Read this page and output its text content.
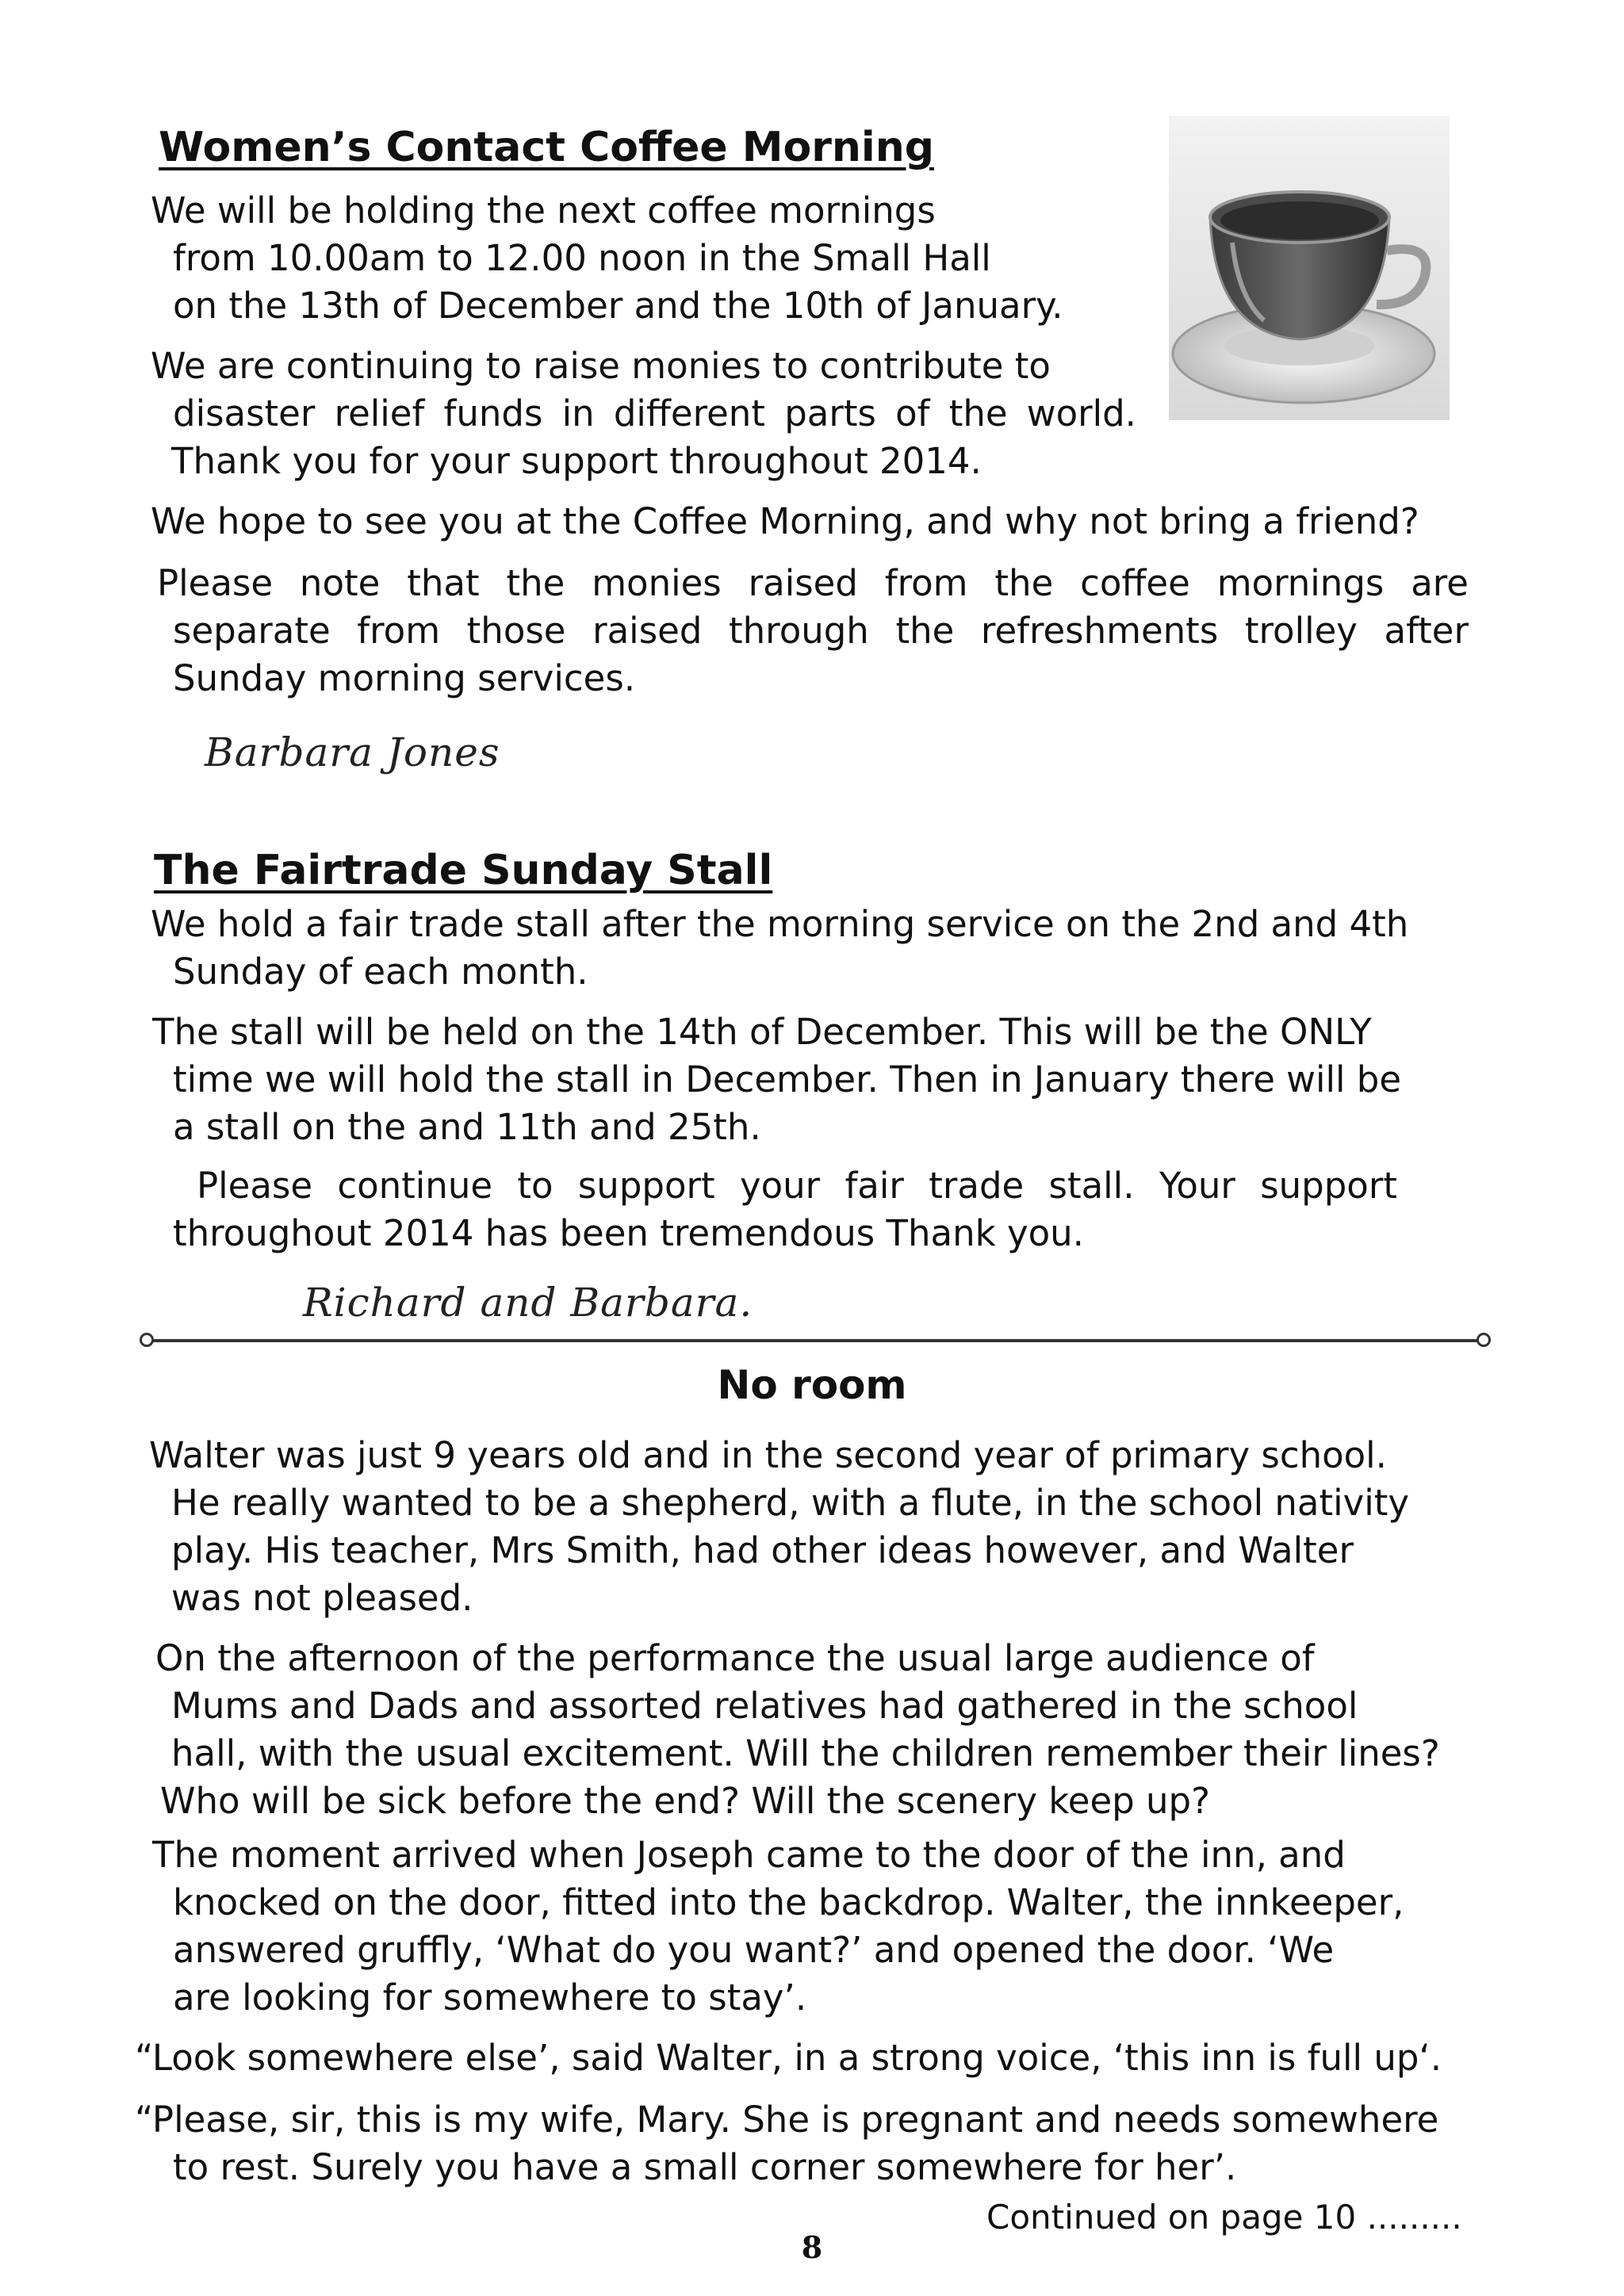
Women’s Contact Coffee Morning
We will be holding the next coffee mornings
from 10.00am to 12.00 noon in the Small Hall
on the 13th of December and the 10th of January.
We are continuing to raise monies to contribute to
disaster relief funds in different parts of the world.
Thank you for your support throughout 2014.
We hope to see you at the Coffee Morning, and why not bring a friend?
Please note that the monies raised from the coffee mornings are
separate from those raised through the refreshments trolley after
Sunday morning services.
Barbara Jones
The Fairtrade Sunday Stall
We hold a fair trade stall after the morning service on the 2nd and 4th
Sunday of each month.
The stall will be held on the 14th of December. This will be the ONLY
time we will hold the stall in December. Then in January there will be
a stall on the and 11th and 25th.
Please continue to support your fair trade stall. Your support
throughout 2014 has been tremendous Thank you.
Richard and Barbara.
No room
Walter was just 9 years old and in the second year of primary school.
He really wanted to be a shepherd, with a flute, in the school nativity
play. His teacher, Mrs Smith, had other ideas however, and Walter
was not pleased.
On the afternoon of the performance the usual large audience of
Mums and Dads and assorted relatives had gathered in the school
hall, with the usual excitement. Will the children remember their lines?
Who will be sick before the end? Will the scenery keep up?
The moment arrived when Joseph came to the door of the inn, and
knocked on the door, fitted into the backdrop. Walter, the innkeeper,
answered gruffly, ‘What do you want?’ and opened the door. ‘We
are looking for somewhere to stay’.
“Look somewhere else’, said Walter, in a strong voice, ‘this inn is full up‘.
“Please, sir, this is my wife, Mary. She is pregnant and needs somewhere
to rest. Surely you have a small corner somewhere for her’.
Continued on page 10 .........
8
